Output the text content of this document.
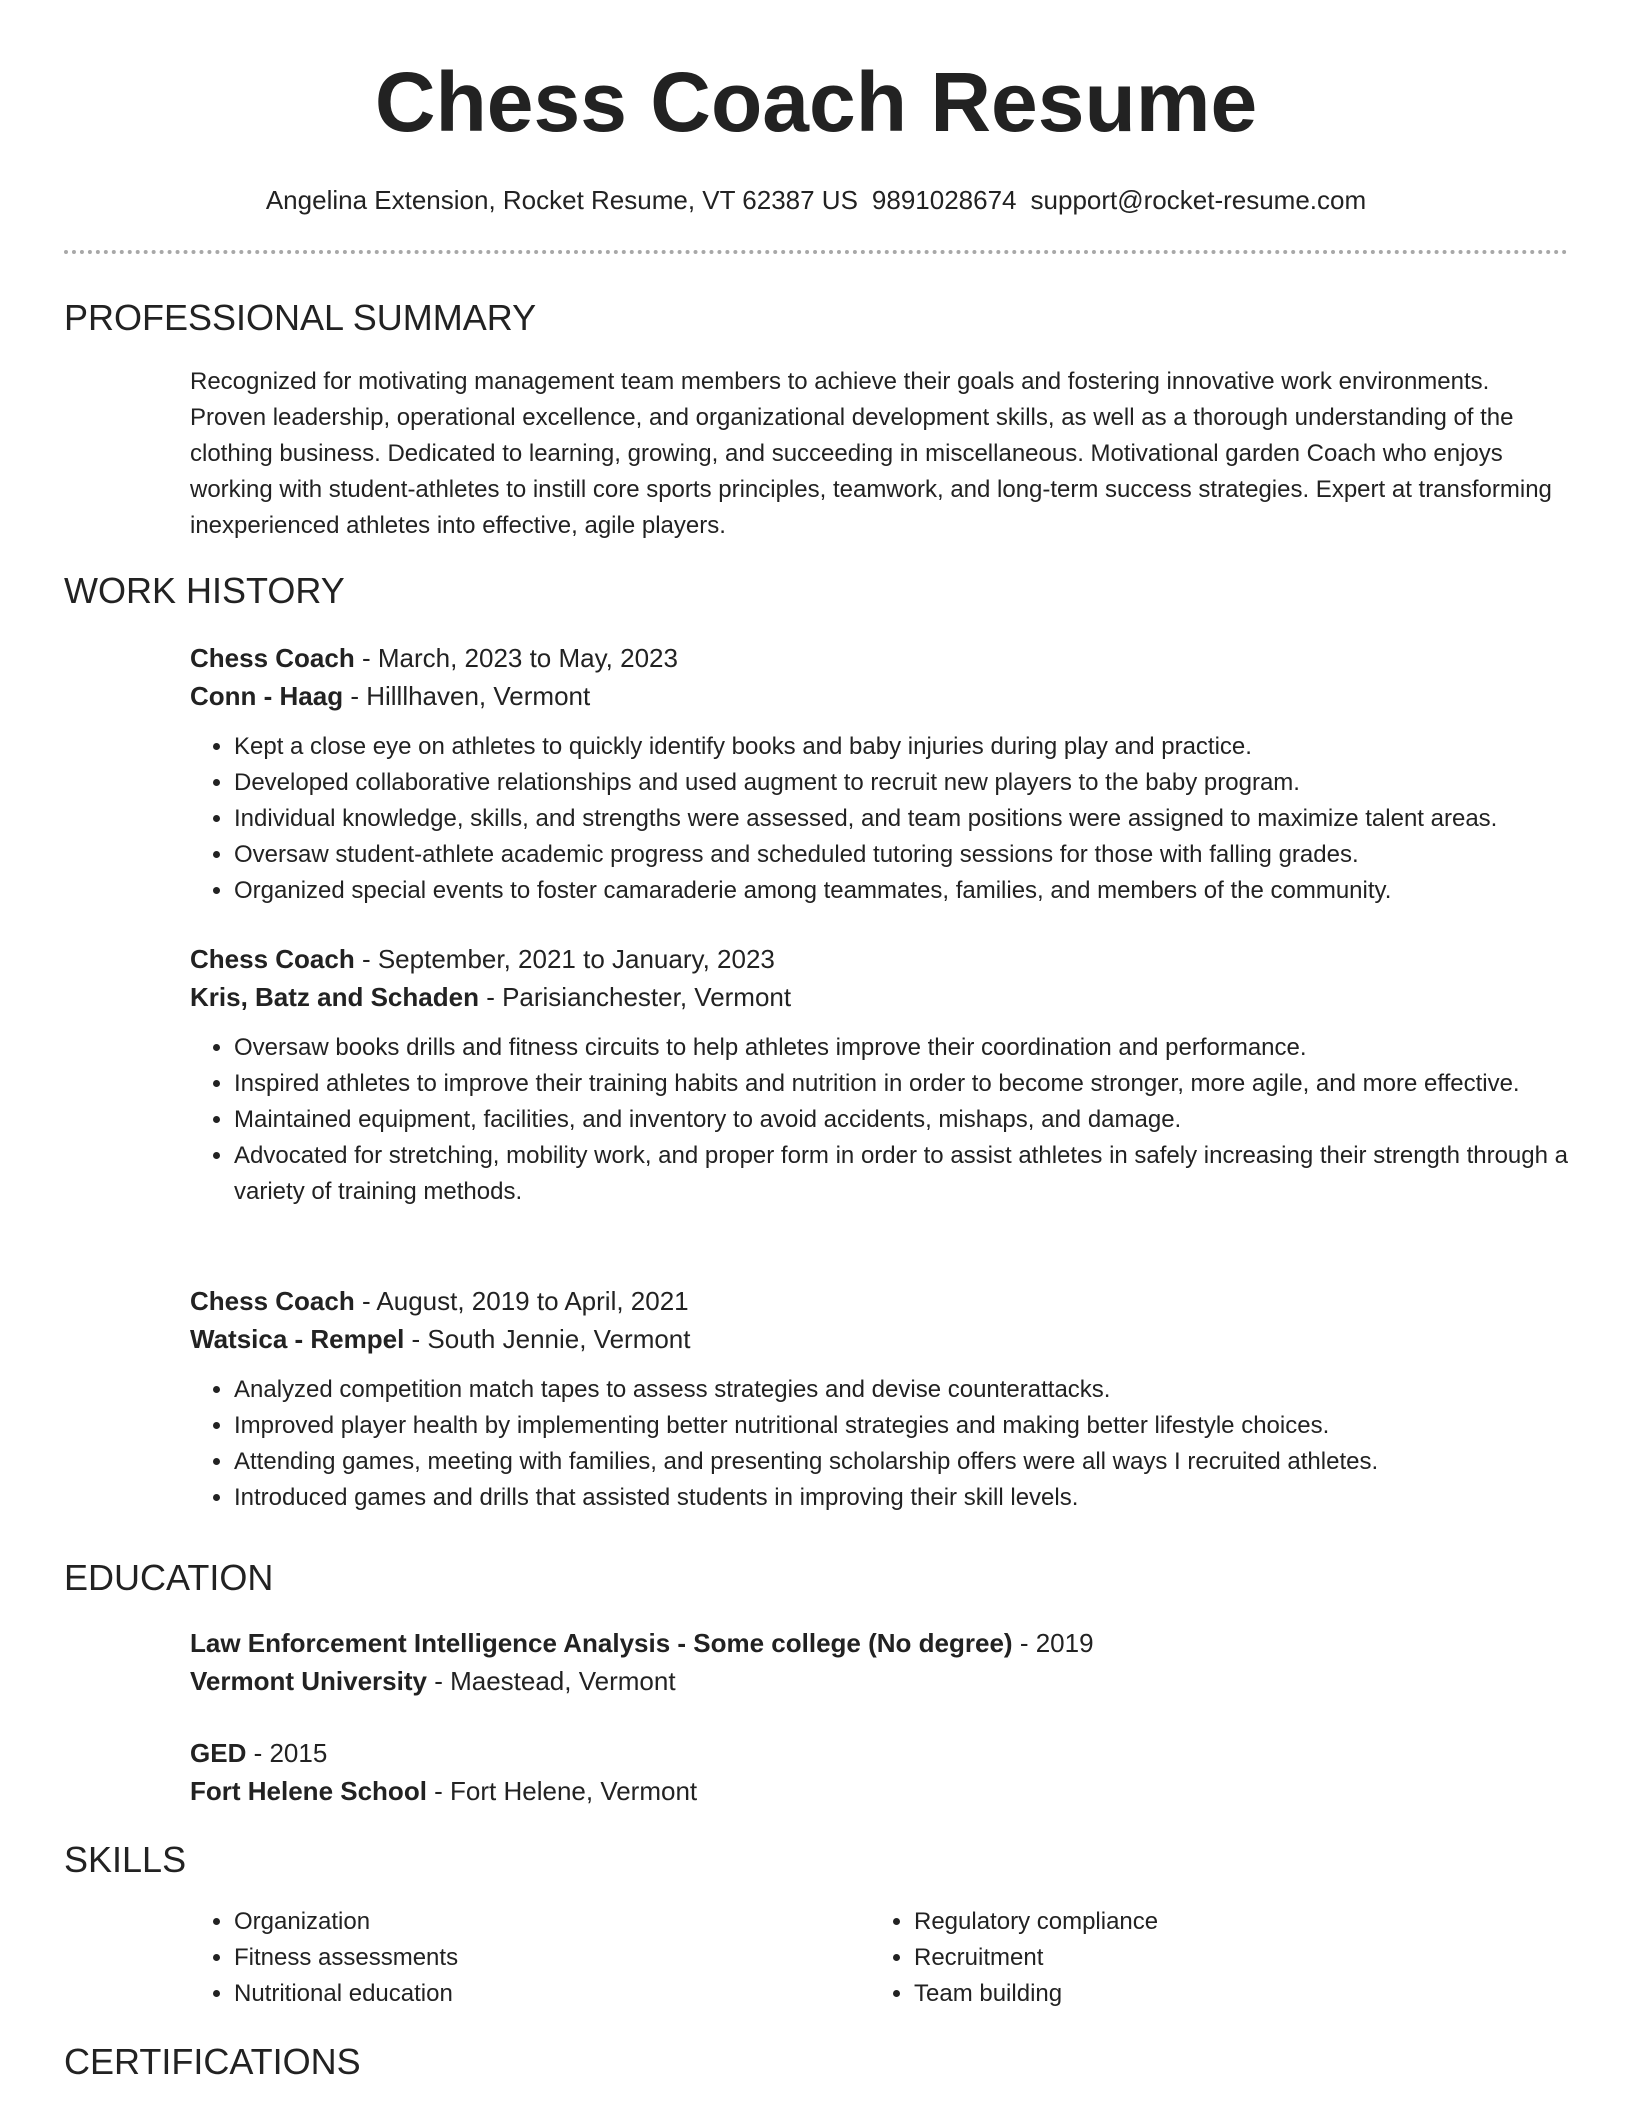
Chess Coach Resume
Angelina Extension, Rocket Resume, VT 62387 US 9891028674 support@rocket-resume.com
PROFESSIONAL SUMMARY

Recognized for motivating management team members to achieve their goals and fostering innovative work environments. Proven leadership, operational excellence, and organizational development skills, as well as a thorough understanding of the clothing business. Dedicated to learning, growing, and succeeding in miscellaneous. Motivational garden Coach who enjoys working with student-athletes to instill core sports principles, teamwork, and long-term success strategies. Expert at transforming inexperienced athletes into effective, agile players.

WORK HISTORY

Chess Coach - March, 2023 to May, 2023

Conn - Haag - Hilllhaven, Vermont

• Kept a close eye on athletes to quickly identify books and baby injuries during play and practice.
• Developed collaborative relationships and used augment to recruit new players to the baby program.
• Individual knowledge, skills, and strengths were assessed, and team positions were assigned to maximize talent areas.
• Oversaw student-athlete academic progress and scheduled tutoring sessions for those with falling grades.
• Organized special events to foster camaraderie among teammates, families, and members of the community.

Chess Coach - September, 2021 to January, 2023

Kris, Batz and Schaden - Parisianchester, Vermont

• Oversaw books drills and fitness circuits to help athletes improve their coordination and performance.
• Inspired athletes to improve their training habits and nutrition in order to become stronger, more agile, and more effective.
• Maintained equipment, facilities, and inventory to avoid accidents, mishaps, and damage.
• Advocated for stretching, mobility work, and proper form in order to assist athletes in safely increasing their strength through a variety of training methods.

Chess Coach - August, 2019 to April, 2021

Watsica - Rempel - South Jennie, Vermont

• Analyzed competition match tapes to assess strategies and devise counterattacks.
• Improved player health by implementing better nutritional strategies and making better lifestyle choices.
• Attending games, meeting with families, and presenting scholarship offers were all ways I recruited athletes.
• Introduced games and drills that assisted students in improving their skill levels.
EDUCATION

Law Enforcement Intelligence Analysis - Some college (No degree) - 2019

Vermont University - Maestead, Vermont

GED - 2015

Fort Helene School - Fort Helene, Vermont

SKILLS
• Organization
• Fitness assessments
• Nutritional education
• Regulatory compliance
• Recruitment
• Team building
CERTIFICATIONS
